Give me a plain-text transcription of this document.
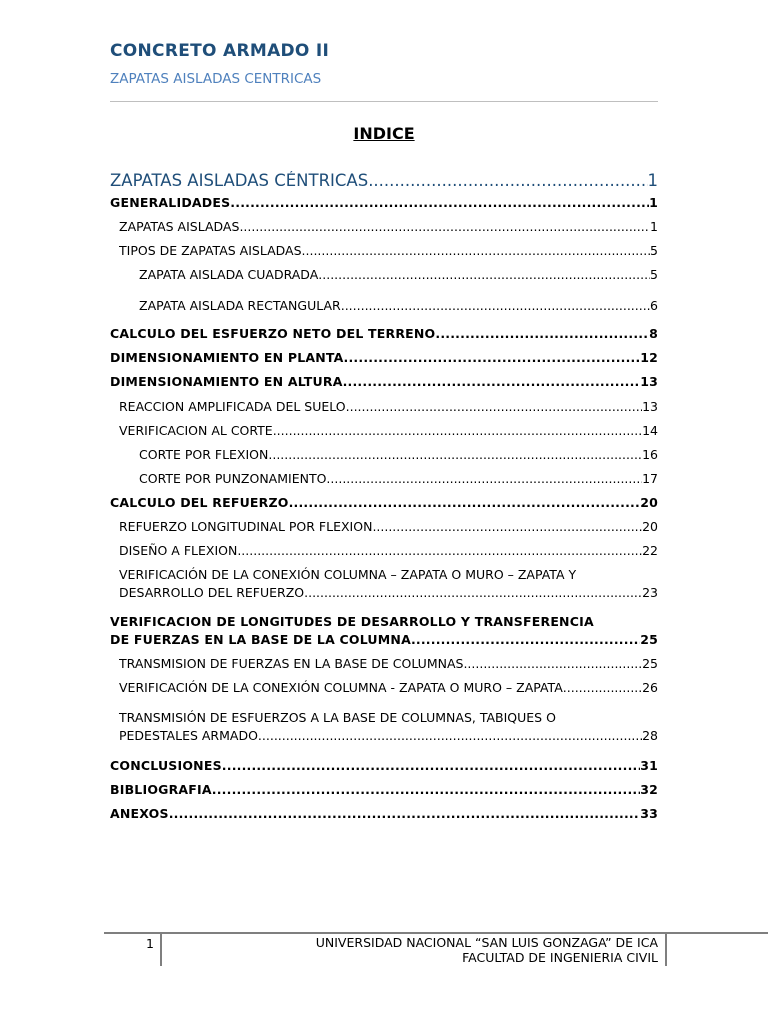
CONCRETO ARMADO II
ZAPATAS AISLADAS CENTRICAS
INDICE
ZAPATAS AISLADAS CÉNTRICAS .....	1
GENERALIDADES .....	1
ZAPATAS AISLADAS .....	1
TIPOS DE ZAPATAS AISLADAS .....	5
ZAPATA AISLADA CUADRADA .....	5
ZAPATA AISLADA RECTANGULAR .....	6
CALCULO DEL ESFUERZO NETO DEL TERRENO .....	8
DIMENSIONAMIENTO EN PLANTA .....	12
DIMENSIONAMIENTO EN ALTURA .....	13
REACCION AMPLIFICADA DEL SUELO .....	13
VERIFICACION AL CORTE .....	14
CORTE POR FLEXION .....	16
CORTE POR PUNZONAMIENTO .....	17
CALCULO DEL REFUERZO .....	20
REFUERZO LONGITUDINAL POR FLEXION .....	20
DISEÑO A FLEXION .....	22
VERIFICACIÓN DE LA CONEXIÓN COLUMNA – ZAPATA O MURO – ZAPATA Y
DESARROLLO DEL REFUERZO .....	23
VERIFICACION DE LONGITUDES DE DESARROLLO Y TRANSFERENCIA
DE FUERZAS EN LA BASE DE LA COLUMNA .....	25
TRANSMISION DE FUERZAS EN LA BASE DE COLUMNAS .....	25
VERIFICACIÓN DE LA CONEXIÓN COLUMNA - ZAPATA O MURO – ZAPATA .....	26
TRANSMISIÓN DE ESFUERZOS A LA BASE DE COLUMNAS, TABIQUES O
PEDESTALES ARMADO .....	28
CONCLUSIONES .....	31
BIBLIOGRAFIA .....	32
ANEXOS .....	33
1	UNIVERSIDAD NACIONAL “SAN LUIS GONZAGA” DE ICA
FACULTAD DE INGENIERIA CIVIL
